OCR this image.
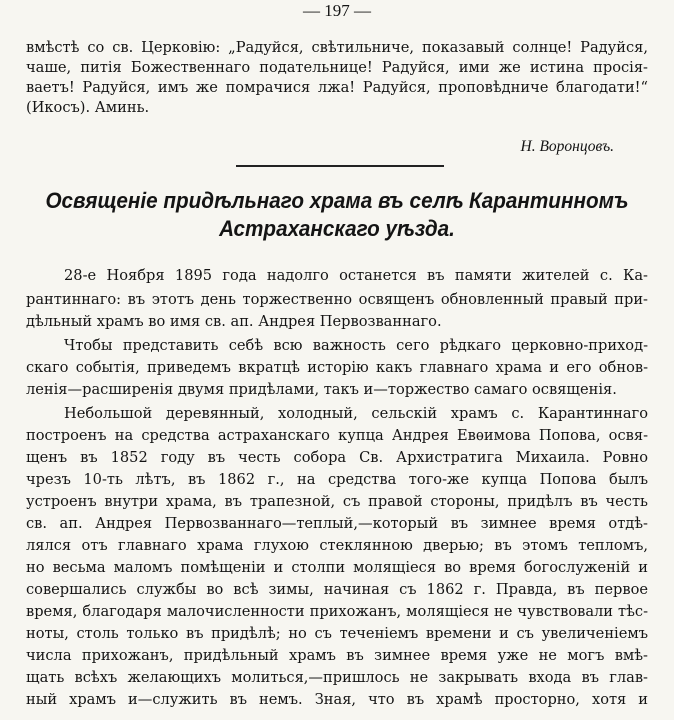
— 197 —
вмѣстѣ со св. Церковію: „Радуйся, свѣтильниче, показавый солнце! Радуйся,
чаше, питія Божественнаго подательнице! Радуйся, ими же истина просія-
ваетъ! Радуйся, имъ же помрачися лжа! Радуйся, проповѣдниче благодати!“
(Икосъ). Аминь.
Н. Воронцовъ.
Освященіе придѣльнаго храма въ селѣ Карантинномъ
Астраханскаго уѣзда.
28-е Ноября 1895 года надолго останется въ памяти жителей с. Ка-
рантиннаго: въ этотъ день торжественно освященъ обновленный правый при-
дѣльный храмъ во имя св. ап. Андрея Первозваннаго.
Чтобы представить себѣ всю важность сего рѣдкаго церковно-приход-
скаго событія, приведемъ вкратцѣ исторію какъ главнаго храма и его обнов-
ленія—расширенія двумя придѣлами, такъ и—торжество самаго освященія.
Небольшой деревянный, холодный, сельскій храмъ с. Карантиннаго
построенъ на средства астраханскаго купца Андрея Евѳимова Попова, освя-
щенъ въ 1852 году въ честь собора Св. Архистратига Михаила. Ровно
чрезъ 10-ть лѣтъ, въ 1862 г., на средства того-же купца Попова былъ
устроенъ внутри храма, въ трапезной, съ правой стороны, придѣлъ въ честь
св. ап. Андрея Первозваннаго—теплый,—который въ зимнее время отдѣ-
лялся отъ главнаго храма глухою стеклянною дверью; въ этомъ тепломъ,
но весьма маломъ помѣщеніи и столпи молящіеся во время богослуженій и
совершались службы во всѣ зимы, начиная съ 1862 г. Правда, въ первое
время, благодаря малочисленности прихожанъ, молящіеся не чувствовали тѣс-
ноты, столь только въ придѣлѣ; но съ теченіемъ времени и съ увеличеніемъ
числа прихожанъ, придѣльный храмъ въ зимнее время уже не могъ вмѣ-
щать всѣхъ желающихъ молиться,—пришлось не закрывать входа въ глав-
ный храмъ и—служить въ немъ. Зная, что въ храмѣ просторно, хотя и
